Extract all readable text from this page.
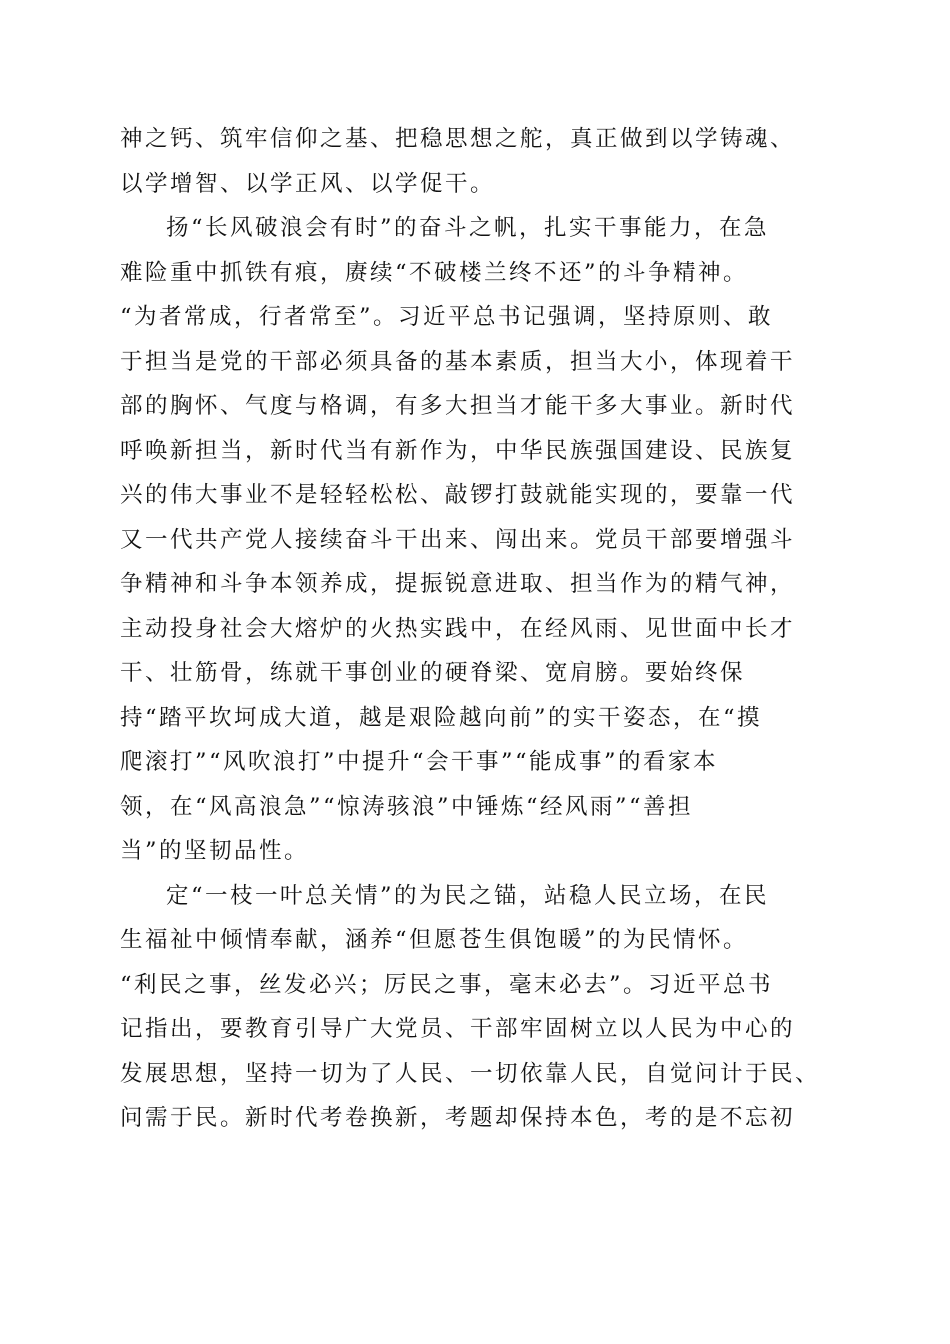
神之钙、筑牢信仰之基、把稳思想之舵，真正做到以学铸魂、
以学增智、以学正风、以学促干。
扬“长风破浪会有时”的奋斗之帆，扎实干事能力，在急
难险重中抓铁有痕，赓续“不破楼兰终不还”的斗争精神。
“为者常成，行者常至”。习近平总书记强调，坚持原则、敢
于担当是党的干部必须具备的基本素质，担当大小，体现着干
部的胸怀、气度与格调，有多大担当才能干多大事业。新时代
呼唤新担当，新时代当有新作为，中华民族强国建设、民族复
兴的伟大事业不是轻轻松松、敲锣打鼓就能实现的，要靠一代
又一代共产党人接续奋斗干出来、闯出来。党员干部要增强斗
争精神和斗争本领养成，提振锐意进取、担当作为的精气神，
主动投身社会大熔炉的火热实践中，在经风雨、见世面中长才
干、壮筋骨，练就干事创业的硬脊梁、宽肩膀。要始终保
持“踏平坎坷成大道，越是艰险越向前”的实干姿态，在“摸
爬滚打”“风吹浪打”中提升“会干事”“能成事”的看家本
领，在“风高浪急”“惊涛骇浪”中锤炼“经风雨”“善担
当”的坚韧品性。
定“一枝一叶总关情”的为民之锚，站稳人民立场，在民
生福祉中倾情奉献，涵养“但愿苍生俱饱暖”的为民情怀。
“利民之事，丝发必兴；厉民之事，毫末必去”。习近平总书
记指出，要教育引导广大党员、干部牢固树立以人民为中心的
发展思想，坚持一切为了人民、一切依靠人民，自觉问计于民、
问需于民。新时代考卷换新，考题却保持本色，考的是不忘初
